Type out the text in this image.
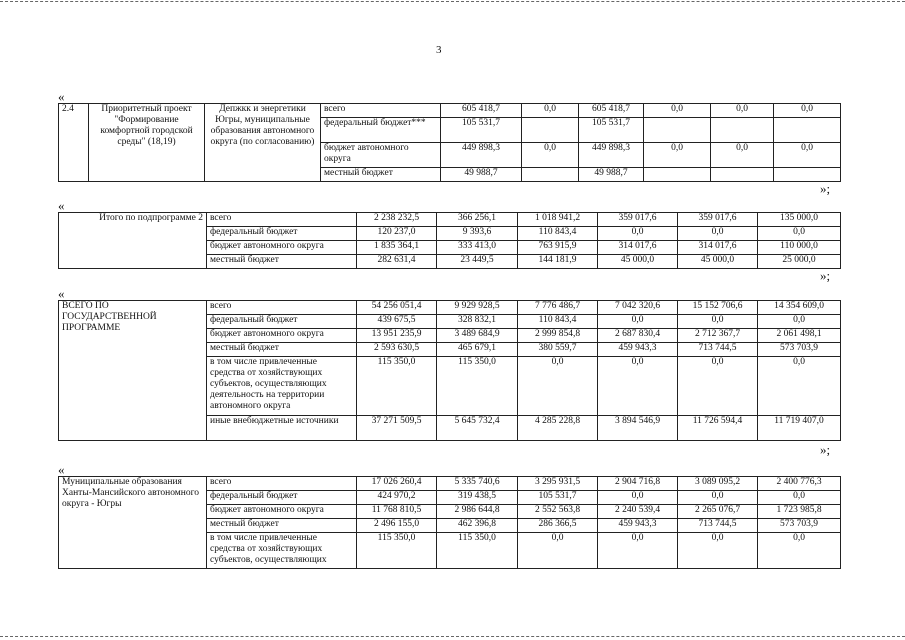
3
«
2.4	Приоритетный проект "Формирование комфортной городской среды" (18,19)	Депжкк и энергетики Югры, муниципальные образования автономного округа (по согласованию)	всего	605 418,7	0,0	605 418,7	0,0	0,0	0,0
			федеральный бюджет***	105 531,7		105 531,7			
			бюджет автономного округа	449 898,3	0,0	449 898,3	0,0	0,0	0,0
			местный бюджет	49 988,7		49 988,7			
»;
«
Итого по подпрограмме 2	всего	2 238 232,5	366 256,1	1 018 941,2	359 017,6	359 017,6	135 000,0
	федеральный бюджет	120 237,0	9 393,6	110 843,4	0,0	0,0	0,0
	бюджет автономного округа	1 835 364,1	333 413,0	763 915,9	314 017,6	314 017,6	110 000,0
	местный бюджет	282 631,4	23 449,5	144 181,9	45 000,0	45 000,0	25 000,0
»;
«
ВСЕГО ПО ГОСУДАРСТВЕННОЙ ПРОГРАММЕ	всего	54 256 051,4	9 929 928,5	7 776 486,7	7 042 320,6	15 152 706,6	14 354 609,0
	федеральный бюджет	439 675,5	328 832,1	110 843,4	0,0	0,0	0,0
	бюджет автономного округа	13 951 235,9	3 489 684,9	2 999 854,8	2 687 830,4	2 712 367,7	2 061 498,1
	местный бюджет	2 593 630,5	465 679,1	380 559,7	459 943,3	713 744,5	573 703,9
	в том числе привлеченные средства от хозяйствующих субъектов, осуществляющих деятельность на территории автономного округа	115 350,0	115 350,0	0,0	0,0	0,0	0,0
	иные внебюджетные источники	37 271 509,5	5 645 732,4	4 285 228,8	3 894 546,9	11 726 594,4	11 719 407,0
»;
«
Муниципальные образования Ханты-Мансийского автономного округа - Югры	всего	17 026 260,4	5 335 740,6	3 295 931,5	2 904 716,8	3 089 095,2	2 400 776,3
	федеральный бюджет	424 970,2	319 438,5	105 531,7	0,0	0,0	0,0
	бюджет автономного округа	11 768 810,5	2 986 644,8	2 552 563,8	2 240 539,4	2 265 076,7	1 723 985,8
	местный бюджет	2 496 155,0	462 396,8	286 366,5	459 943,3	713 744,5	573 703,9
	в том числе привлеченные средства от хозяйствующих субъектов, осуществляющих	115 350,0	115 350,0	0,0	0,0	0,0	0,0
